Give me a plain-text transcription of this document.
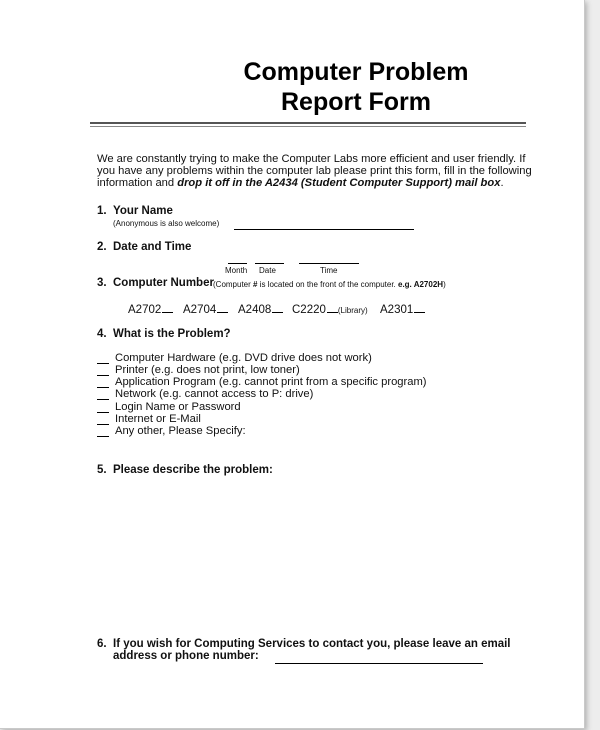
Computer Problem
Report Form
We are constantly trying to make the Computer Labs more efficient and user friendly. If
you have any problems within the computer lab please print this form, fill in the following
information and drop it off in the A2434 (Student Computer Support) mail box.
1. Your Name
(Anonymous is also welcome)
2. Date and Time
Month Date	Time
3. Computer Number (Computer # is located on the front of the computer. e.g. A2702H)
A2702	A2704	A2408	C2220 (Library) A2301
4. What is the Problem?
Computer Hardware (e.g. DVD drive does not work)
Printer (e.g. does not print, low toner)
Application Program (e.g. cannot print from a specific program)
Network (e.g. cannot access to P: drive)
Login Name or Password
Internet or E-Mail
Any other, Please Specify:
5. Please describe the problem:
6. If you wish for Computing Services to contact you, please leave an email
address or phone number:
